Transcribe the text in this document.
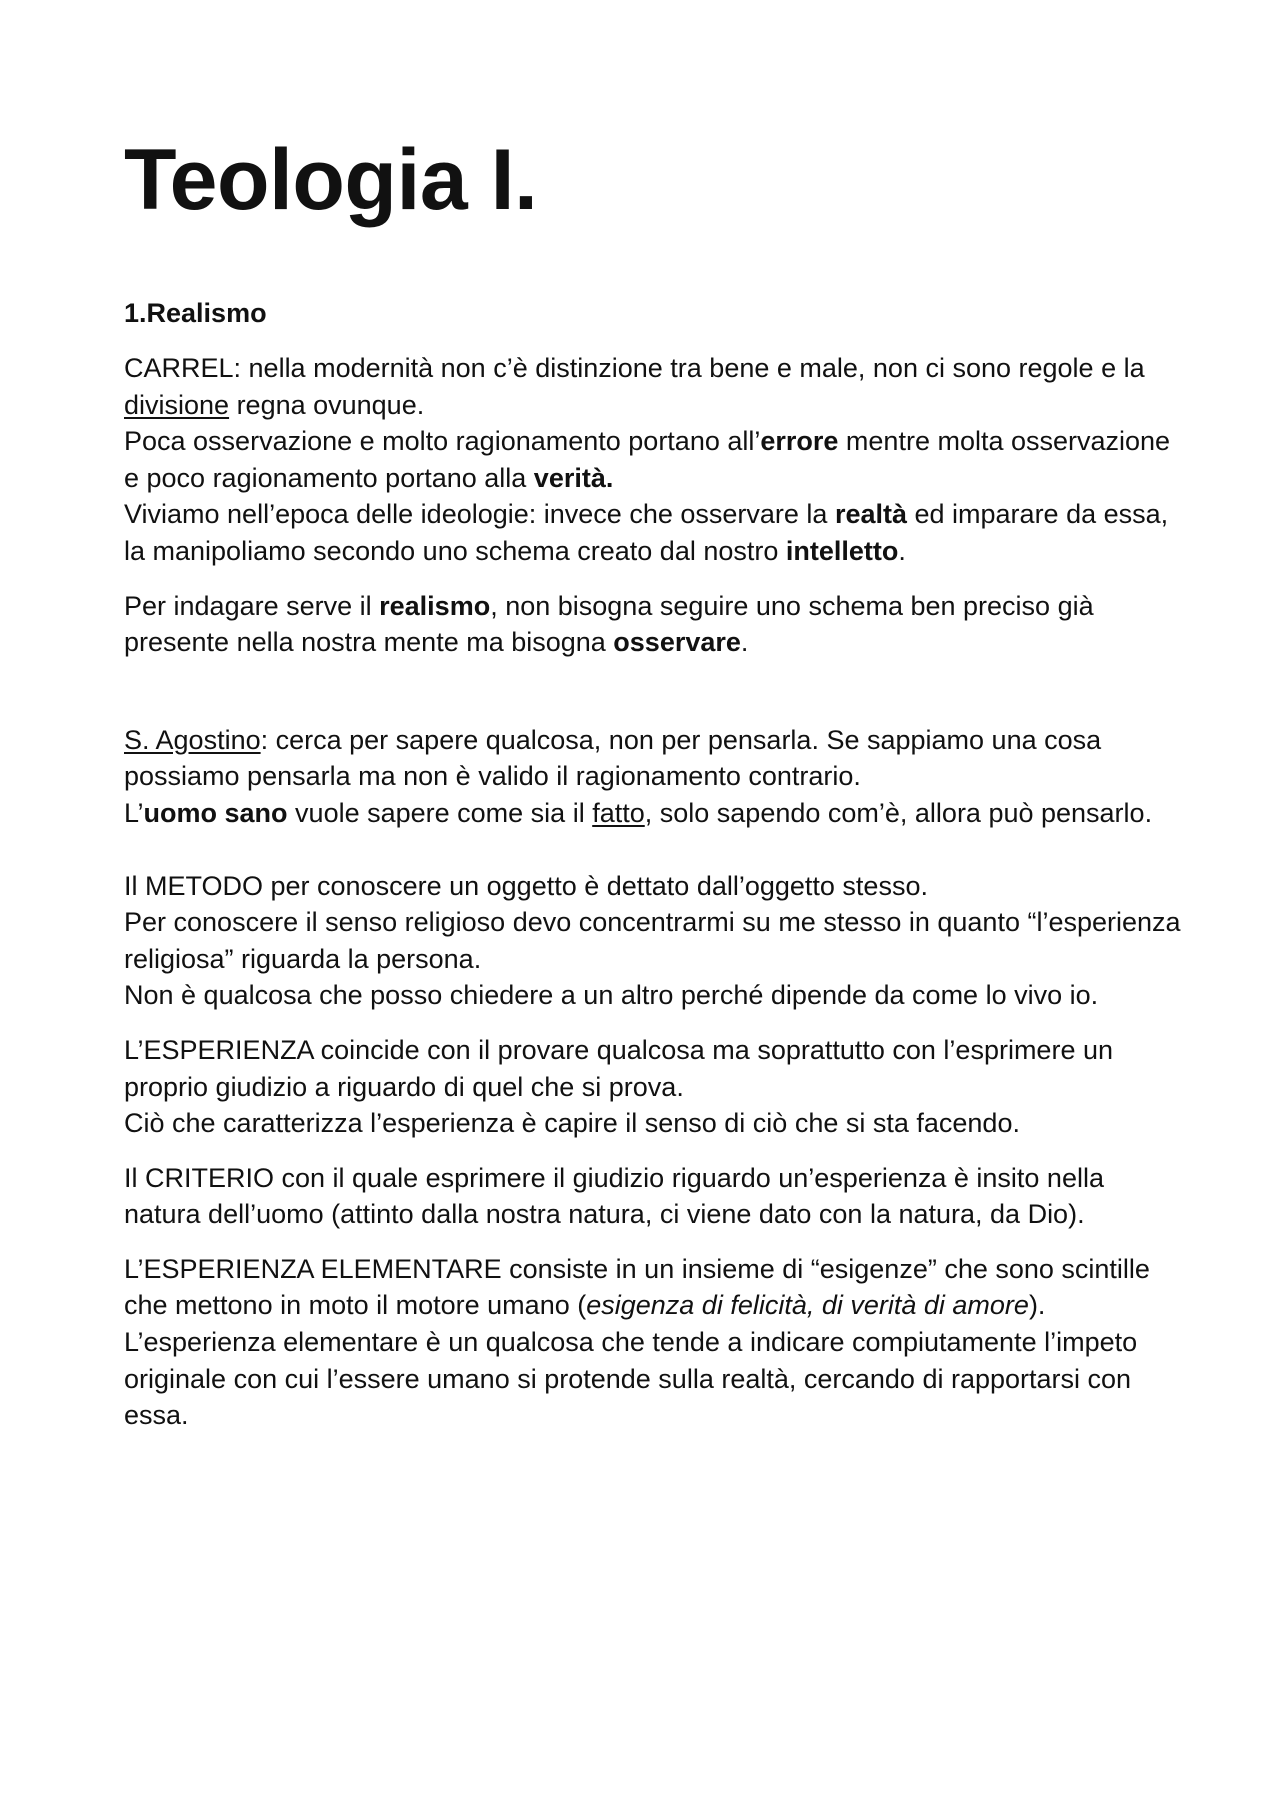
Teologia I.
1.Realismo

CARREL: nella modernità non c’è distinzione tra bene e male, non ci sono regole e la divisione regna ovunque.
Poca osservazione e molto ragionamento portano all’errore mentre molta osservazione e poco ragionamento portano alla verità.
Viviamo nell’epoca delle ideologie: invece che osservare la realtà ed imparare da essa, la manipoliamo secondo uno schema creato dal nostro intelletto.

Per indagare serve il realismo, non bisogna seguire uno schema ben preciso già presente nella nostra mente ma bisogna osservare.

S. Agostino: cerca per sapere qualcosa, non per pensarla. Se sappiamo una cosa possiamo pensarla ma non è valido il ragionamento contrario.
L’uomo sano vuole sapere come sia il fatto, solo sapendo com’è, allora può pensarlo.

Il METODO per conoscere un oggetto è dettato dall’oggetto stesso.
Per conoscere il senso religioso devo concentrarmi su me stesso in quanto “l’esperienza religiosa” riguarda la persona.
Non è qualcosa che posso chiedere a un altro perché dipende da come lo vivo io.

L’ESPERIENZA coincide con il provare qualcosa ma soprattutto con l’esprimere un proprio giudizio a riguardo di quel che si prova.
Ciò che caratterizza l’esperienza è capire il senso di ciò che si sta facendo.

Il CRITERIO con il quale esprimere il giudizio riguardo un’esperienza è insito nella natura dell’uomo (attinto dalla nostra natura, ci viene dato con la natura, da Dio).

L’ESPERIENZA ELEMENTARE consiste in un insieme di “esigenze” che sono scintille che mettono in moto il motore umano (esigenza di felicità, di verità di amore).
L’esperienza elementare è un qualcosa che tende a indicare compiutamente l’impeto originale con cui l’essere umano si protende sulla realtà, cercando di rapportarsi con essa.
